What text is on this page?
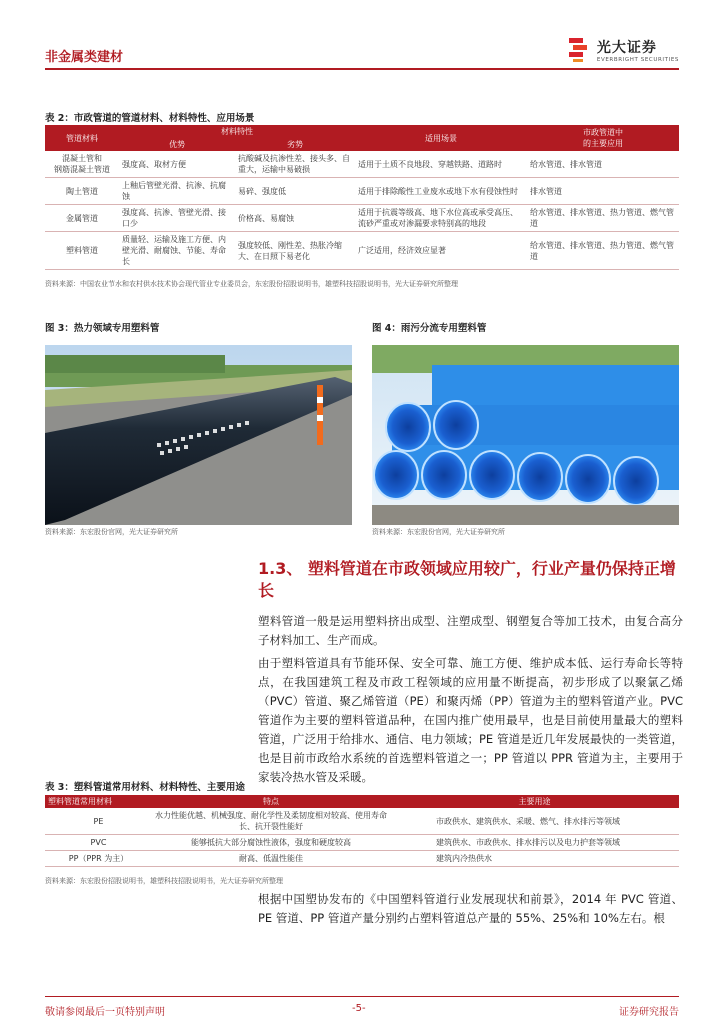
非金属类建材
光大证券
EVERBRIGHT SECURITIES
表 2：市政管道的管道材料、材料特性、应用场景
管道材料	材料特性		适用场景	市政管道中
的主要应用
	优势	劣势		
混凝土管和
钢筋混凝土管道	强度高、取材方便	抗酸碱及抗渗性差、接头多、自重大，运输中易破损	适用于土质不良地段、穿越铁路、道路时	给水管道、排水管道
陶土管道	上釉后管壁光滑、抗渗、抗腐蚀	易碎、强度低	适用于排除酸性工业废水或地下水有侵蚀性时	排水管道
金属管道	强度高、抗渗、管壁光滑、接口少	价格高、易腐蚀	适用于抗震等级高、地下水位高或承受高压、流砂严重或对渗漏要求特别高的地段	给水管道、排水管道、热力管道、燃气管道
塑料管道	质量轻、运输及施工方便、内壁光滑、耐腐蚀、节能、寿命长	强度较低、刚性差、热胀冷缩大、在日照下易老化	广泛适用，经济效应显著	给水管道、排水管道、热力管道、燃气管道
资料来源：中国农业节水和农村供水技术协会现代管业专业委员会，东宏股份招股说明书，雄塑科技招股说明书，光大证券研究所整理
图 3：热力领域专用塑料管
资料来源：东宏股份官网，光大证券研究所
图 4：雨污分流专用塑料管
资料来源：东宏股份官网，光大证券研究所
1.3、 塑料管道在市政领域应用较广，行业产量仍保持正增长
塑料管道一般是运用塑料挤出成型、注塑成型、钢塑复合等加工技术，由复合高分子材料加工、生产而成。
由于塑料管道具有节能环保、安全可靠、施工方便、维护成本低、运行寿命长等特点，在我国建筑工程及市政工程领域的应用量不断提高，初步形成了以聚氯乙烯（PVC）管道、聚乙烯管道（PE）和聚丙烯（PP）管道为主的塑料管道产业。PVC 管道作为主要的塑料管道品种，在国内推广使用最早，也是目前使用量最大的塑料管道，广泛用于给排水、通信、电力领域；PE 管道是近几年发展最快的一类管道，也是目前市政给水系统的首选塑料管道之一；PP 管道以 PPR 管道为主，主要用于家装冷热水管及采暖。
表 3：塑料管道常用材料、材料特性、主要用途
塑料管道常用材料	特点	主要用途
PE	水力性能优越、机械强度、耐化学性及柔韧度相对较高、使用寿命长、抗开裂性能好	市政供水、建筑供水、采暖、燃气、排水排污等领域
PVC	能够抵抗大部分腐蚀性液体，强度和硬度较高	建筑供水、市政供水、排水排污以及电力护套等领域
PP（PPR 为主）	耐高、低温性能佳	建筑内冷热供水
资料来源：东宏股份招股说明书，雄塑科技招股说明书，光大证券研究所整理
根据中国塑协发布的《中国塑料管道行业发展现状和前景》，2014 年 PVC 管道、PE 管道、PP 管道产量分别约占塑料管道总产量的 55%、25%和 10%左右。根
敬请参阅最后一页特别声明	-5-	证券研究报告
